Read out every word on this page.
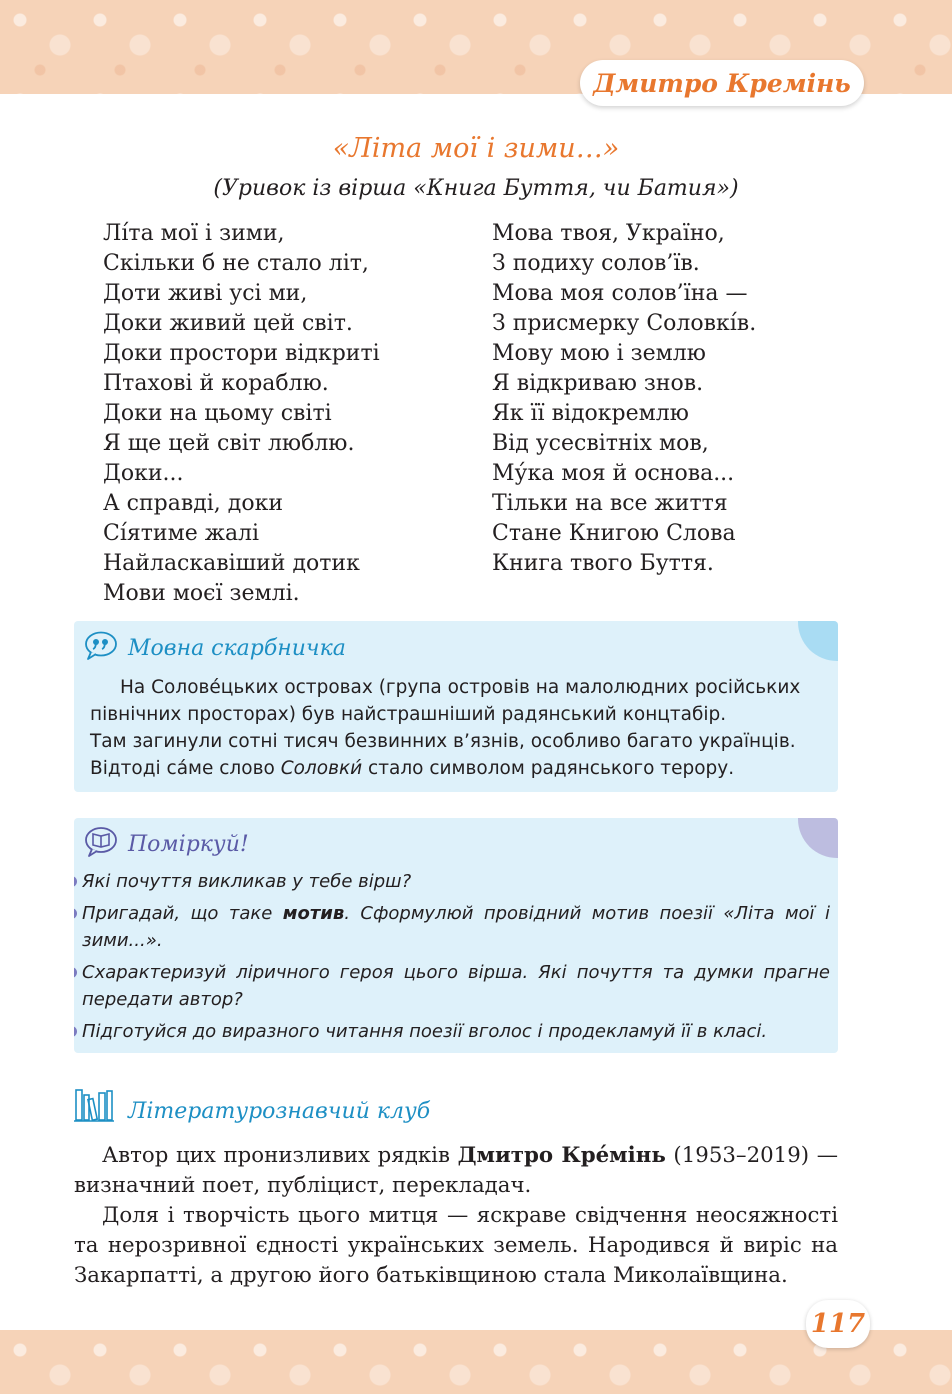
Дмитро Кремінь
«Літа мої і зими…»
(Уривок із вірша «Книга Буття, чи Батия»)
Лі́та мої і зими,
Скільки б не стало літ,
Доти живі усі ми,
Доки живий цей світ.
Доки простори відкриті
Птахові й кораблю.
Доки на цьому світі
Я ще цей світ люблю.
Доки...
А справді, доки
Сі́ятиме жалі
Найласкавіший дотик
Мови моєї землі.
Мова твоя, Україно,
З подиху солов’їв.
Мова моя солов’їна —
З присмерку Соловкі́в.
Мову мою і землю
Я відкриваю знов.
Як її відокремлю
Від усесвітніх мов,
Му́ка моя й основа...
Тільки на все життя
Стане Книгою Слова
Книга твого Буття.
Мовна скарбничка
На Солове́цьких островах (група островів на малолюдних російських
північних просторах) був найстрашніший радянський концтабір.
Там загинули сотні тисяч безвинних в’язнів, особливо багато українців.
Відтоді са́ме слово Соловки́ стало символом радянського терору.
Поміркуй!
Які почуття викликав у тебе вірш?
Пригадай, що таке мотив. Сформулюй провідний мотив поезії «Літа мої і зими...».
Схарактеризуй ліричного героя цього вірша. Які почуття та думки прагне передати автор?
Підготуйся до виразного читання поезії вголос і продекламуй її в класі.
Літературознавчий клуб

Автор цих пронизливих рядків Дмитро Кре́мінь (1953–2019) — визначний поет, публіцист, перекладач.

Доля і творчість цього митця — яскраве свідчення неосяжності та нерозривної єдності українських земель. Народився й виріс на Закарпатті, а другою його батьківщиною стала Миколаївщина.

117
